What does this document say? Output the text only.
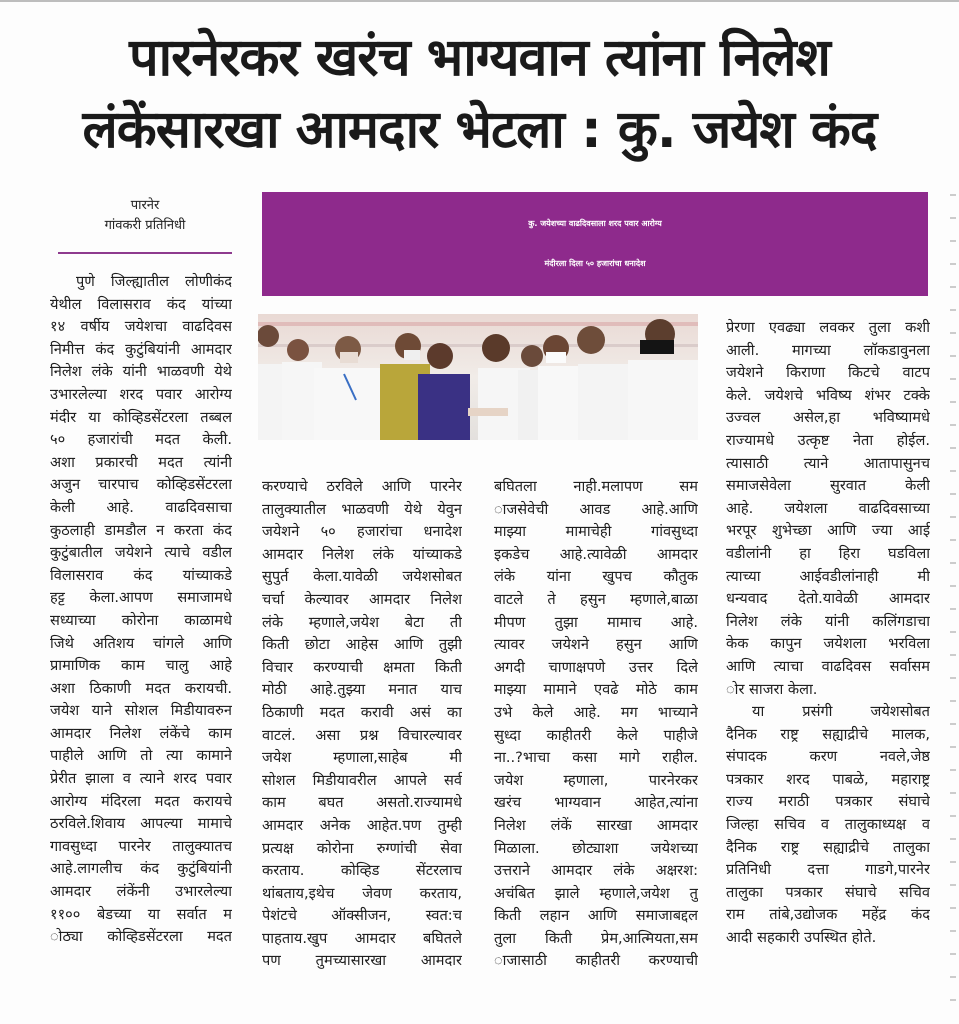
पारनेरकर खरंच भाग्यवान त्यांना निलेश
लंकेंसारखा आमदार भेटला : कु. जयेश कंद
पारनेर
गांवकरी प्रतिनिधी	कु. जयेशच्या वाढदिवसाला शरद पवार आरोग्य
मंदीरला दिला ५० हजारांचा धनादेश
पुणे जिल्ह्यातील लोणीकंद
येथील विलासराव कंद यांच्या
१४ वर्षीय जयेशचा वाढदिवस
निमीत्त कंद कुटुंबियांनी आमदार
निलेश लंके यांनी भाळवणी येथे
उभारलेल्या शरद पवार आरोग्य
मंदीर या कोव्हिडसेंटरला तब्बल
५० हजारांची मदत केली.
अशा प्रकारची मदत त्यांनी
अजुन चारपाच कोव्हिडसेंटरला
केली आहे. वाढदिवसाचा
कुठलाही डामडौल न करता कंद
कुटुंबातील जयेशने त्याचे वडील
विलासराव कंद यांच्याकडे
हट्ट केला.आपण समाजामधे
सध्याच्या कोरोना काळामधे
जिथे अतिशय चांगले आणि
प्रामाणिक काम चालु आहे
अशा ठिकाणी मदत करायची.
जयेश याने सोशल मिडीयावरुन
आमदार निलेश लंकेंचे काम
पाहीले आणि तो त्या कामाने
प्रेरीत झाला व त्याने शरद पवार
आरोग्य मंदिरला मदत करायचे
ठरविले.शिवाय आपल्या मामाचे
गावसुध्दा पारनेर तालुक्यातच
आहे.लागलीच कंद कुटुंबियांनी
आमदार लंकेंनी उभारलेल्या
११०० बेडच्या या सर्वात म
ोठ्या कोव्हिडसेंटरला मदत
करण्याचे ठरविले आणि पारनेर
तालुक्यातील भाळवणी येथे येवुन
जयेशने ५० हजारांचा धनादेश
आमदार निलेश लंके यांच्याकडे
सुपुर्त केला.यावेळी जयेशसोबत
चर्चा केल्यावर आमदार निलेश
लंके म्हणाले,जयेश बेटा ती
किती छोटा आहेस आणि तुझी
विचार करण्याची क्षमता किती
मोठी आहे.तुझ्या मनात याच
ठिकाणी मदत करावी असं का
वाटलं. असा प्रश्न विचारल्यावर
जयेश म्हणाला,साहेब मी
सोशल मिडीयावरील आपले सर्व
काम बघत असतो.राज्यामधे
आमदार अनेक आहेत.पण तुम्ही
प्रत्यक्ष कोरोना रुग्णांची सेवा
करताय. कोव्हिड सेंटरलाच
थांबताय,इथेच जेवण करताय,
पेशंटचे ऑक्सीजन, स्वत:च
पाहताय.खुप आमदार बघितले
पण तुमच्यासारखा आमदार
बघितला नाही.मलापण सम
ाजसेवेची आवड आहे.आणि
माझ्या मामाचेही गांवसुध्दा
इकडेच आहे.त्यावेळी आमदार
लंके यांना खुपच कौतुक
वाटले ते हसुन म्हणाले,बाळा
मीपण तुझा मामाच आहे.
त्यावर जयेशने हसुन आणि
अगदी चाणाक्षपणे उत्तर दिले
माझ्या मामाने एवढे मोठे काम
उभे केले आहे. मग भाच्याने
सुध्दा काहीतरी केले पाहीजे
ना..?भाचा कसा मागे राहील.
जयेश म्हणाला, पारनेरकर
खरंच भाग्यवान आहेत,त्यांना
निलेश लंकें सारखा आमदार
मिळाला. छोट्याशा जयेशच्या
उत्तराने आमदार लंके अक्षरश:
अचंबित झाले म्हणाले,जयेश तु
किती लहान आणि समाजाबद्दल
तुला किती प्रेम,आत्मियता,सम
ाजासाठी काहीतरी करण्याची
प्रेरणा एवढ्या लवकर तुला कशी
आली. मागच्या लॉकडावुनला
जयेशने किराणा किटचे वाटप
केले. जयेशचे भविष्य शंभर टक्के
उज्वल असेल,हा भविष्यामधे
राज्यामधे उत्कृष्ट नेता होईल.
त्यासाठी त्याने आतापासुनच
समाजसेवेला सुरवात केली
आहे. जयेशला वाढदिवसाच्या
भरपूर शुभेच्छा आणि ज्या आई
वडीलांनी हा हिरा घडविला
त्याच्या आईवडीलांनाही मी
धन्यवाद देतो.यावेळी आमदार
निलेश लंके यांनी कलिंगडाचा
केक कापुन जयेशला भरविला
आणि त्याचा वाढदिवस सर्वासम
ोर साजरा केला.
या प्रसंगी जयेशसोबत
दैनिक राष्ट्र सह्याद्रीचे मालक,
संपादक करण नवले,जेष्ठ
पत्रकार शरद पाबळे, महाराष्ट्र
राज्य मराठी पत्रकार संघाचे
जिल्हा सचिव व तालुकाध्यक्ष व
दैनिक राष्ट्र सह्याद्रीचे तालुका
प्रतिनिधी दत्ता गाडगे,पारनेर
तालुका पत्रकार संघाचे सचिव
राम तांबे,उद्योजक महेंद्र कंद
आदी सहकारी उपस्थित होते.
